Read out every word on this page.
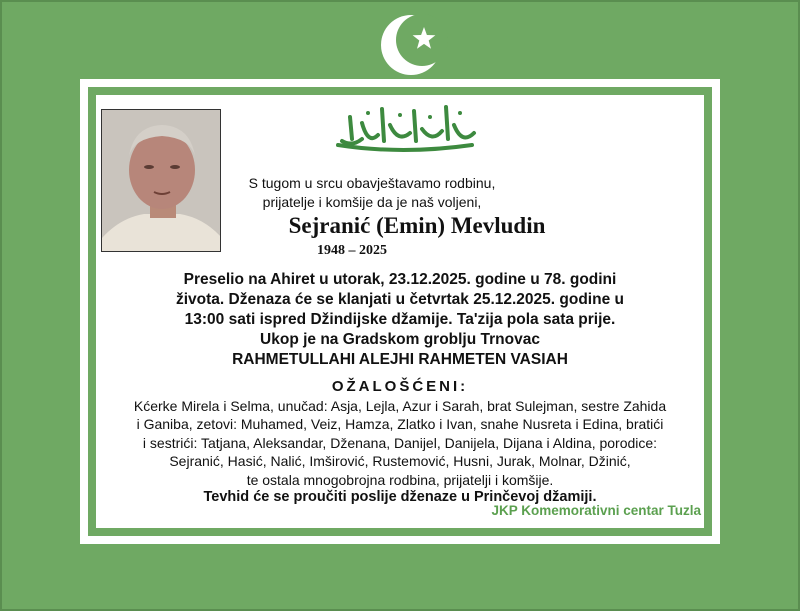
S tugom u srcu obavještavamo rodbinu,
prijatelje i komšije da je naš voljeni,
Sejranić (Emin) Mevludin
1948 – 2025
Preselio na Ahiret u utorak, 23.12.2025. godine u 78. godini
života. Dženaza će se klanjati u četvrtak 25.12.2025. godine u
13:00 sati ispred Džindijske džamije. Ta'zija pola sata prije.
Ukop je na Gradskom groblju Trnovac
RAHMETULLAHI ALEJHI RAHMETEN VASIAH
OŽALOŠĆENI:
Kćerke Mirela i Selma, unučad: Asja, Lejla, Azur i Sarah, brat Sulejman, sestre Zahida
i Ganiba, zetovi: Muhamed, Veiz, Hamza, Zlatko i Ivan, snahe Nusreta i Edina, bratići
i sestrići: Tatjana, Aleksandar, Dženana, Danijel, Danijela, Dijana i Aldina, porodice:
Sejranić, Hasić, Nalić, Imširović, Rustemović, Husni, Jurak, Molnar, Džinić,
te ostala mnogobrojna rodbina, prijatelji i komšije.
Tevhid će se proučiti poslije dženaze u Prinčevoj džamiji.
JKP Komemorativni centar Tuzla
